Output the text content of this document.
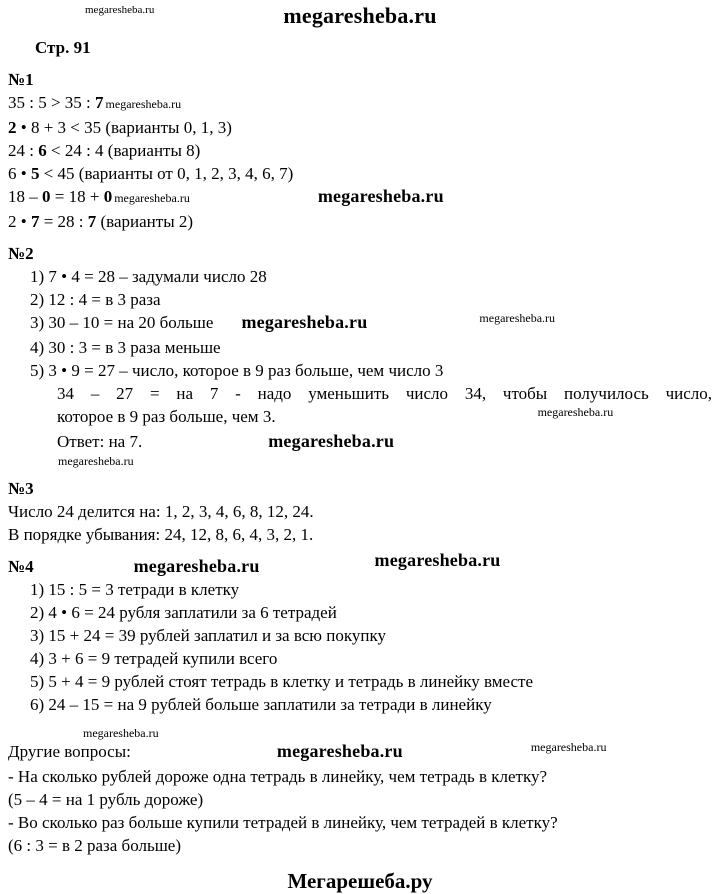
megaresheba.ru	megaresheba.ru
Стр. 91
№1
35 : 5 > 35 : 7 megaresheba.ru
2 • 8 + 3 < 35 (варианты 0, 1, 3)
24 : 6 < 24 : 4 (варианты 8)
6 • 5 < 45 (варианты от 0, 1, 2, 3, 4, 6, 7)
18 – 0 = 18 + 0 megaresheba.ru	megaresheba.ru
2 • 7 = 28 : 7 (варианты 2)
№2
1) 7 • 4 = 28 – задумали число 28
2) 12 : 4 = в 3 раза
3) 30 – 10 = на 20 больше megaresheba.ru	megaresheba.ru
4) 30 : 3 = в 3 раза меньше
5) 3 • 9 = 27 – число, которое в 9 раз больше, чем число 3
34 – 27 = на 7 - надо уменьшить число 34, чтобы получилось число,
которое в 9 раз больше, чем 3.	megaresheba.ru
Ответ: на 7.	megaresheba.ru
megaresheba.ru
№3
Число 24 делится на: 1, 2, 3, 4, 6, 8, 12, 24.
В порядке убывания: 24, 12, 8, 6, 4, 3, 2, 1.
№4	megaresheba.ru	megaresheba.ru
1) 15 : 5 = 3 тетради в клетку
2) 4 • 6 = 24 рубля заплатили за 6 тетрадей
3) 15 + 24 = 39 рублей заплатил и за всю покупку
4) 3 + 6 = 9 тетрадей купили всего
5) 5 + 4 = 9 рублей стоят тетрадь в клетку и тетрадь в линейку вместе
6) 24 – 15 = на 9 рублей больше заплатили за тетради в линейку
megaresheba.ru
Другие вопросы:	megaresheba.ru	megaresheba.ru
- На сколько рублей дороже одна тетрадь в линейку, чем тетрадь в клетку?
(5 – 4 = на 1 рубль дороже)
- Во сколько раз больше купили тетрадей в линейку, чем тетрадей в клетку?
(6 : 3 = в 2 раза больше)
Мегарешеба.ру
